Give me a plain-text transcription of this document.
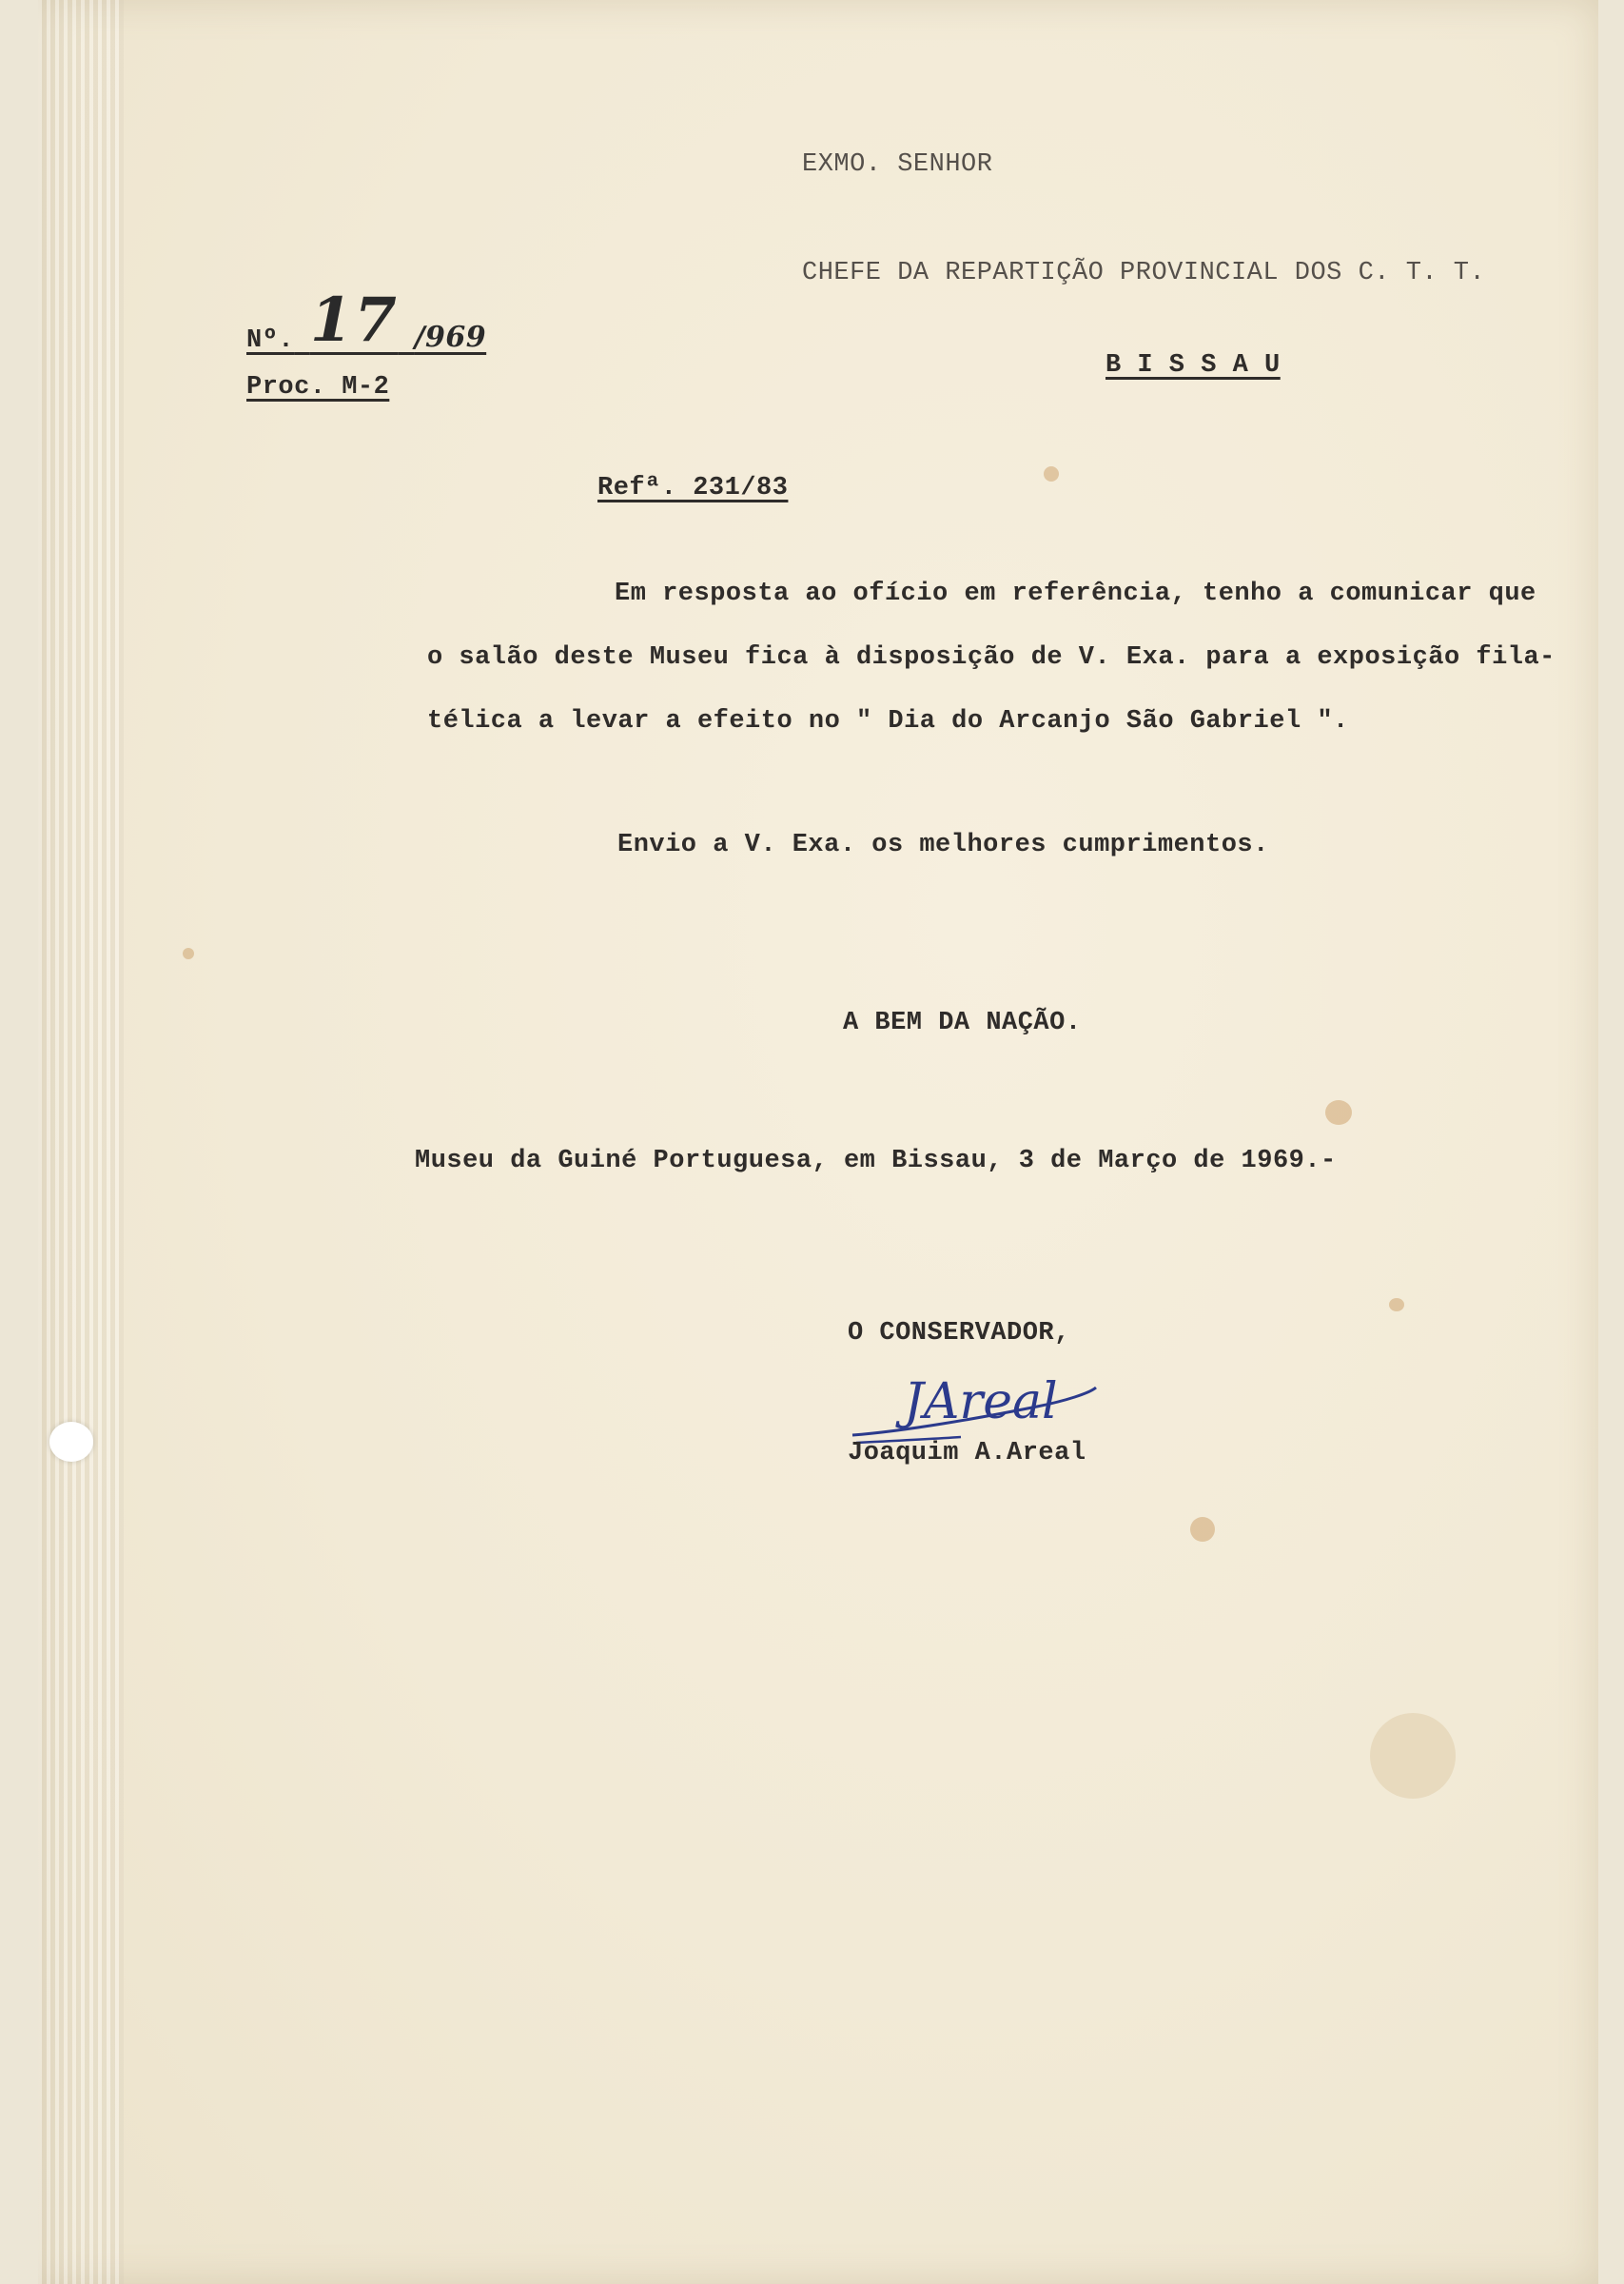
EXMO. SENHOR
CHEFE DA REPARTIÇÃO PROVINCIAL DOS C. T. T.
B I S S A U
Nº. 17 /969
Proc. M-2
Refª. 231/83
Em resposta ao ofício em referência, tenho a comunicar que
o salão deste Museu fica à disposição de V. Exa. para a exposição fila-
télica a levar a efeito no " Dia do Arcanjo São Gabriel ".
Envio a V. Exa. os melhores cumprimentos.
A BEM DA NAÇÃO.
Museu da Guiné Portuguesa, em Bissau, 3 de Março de 1969.-
O CONSERVADOR,
JAreal
Joaquim A.Areal
